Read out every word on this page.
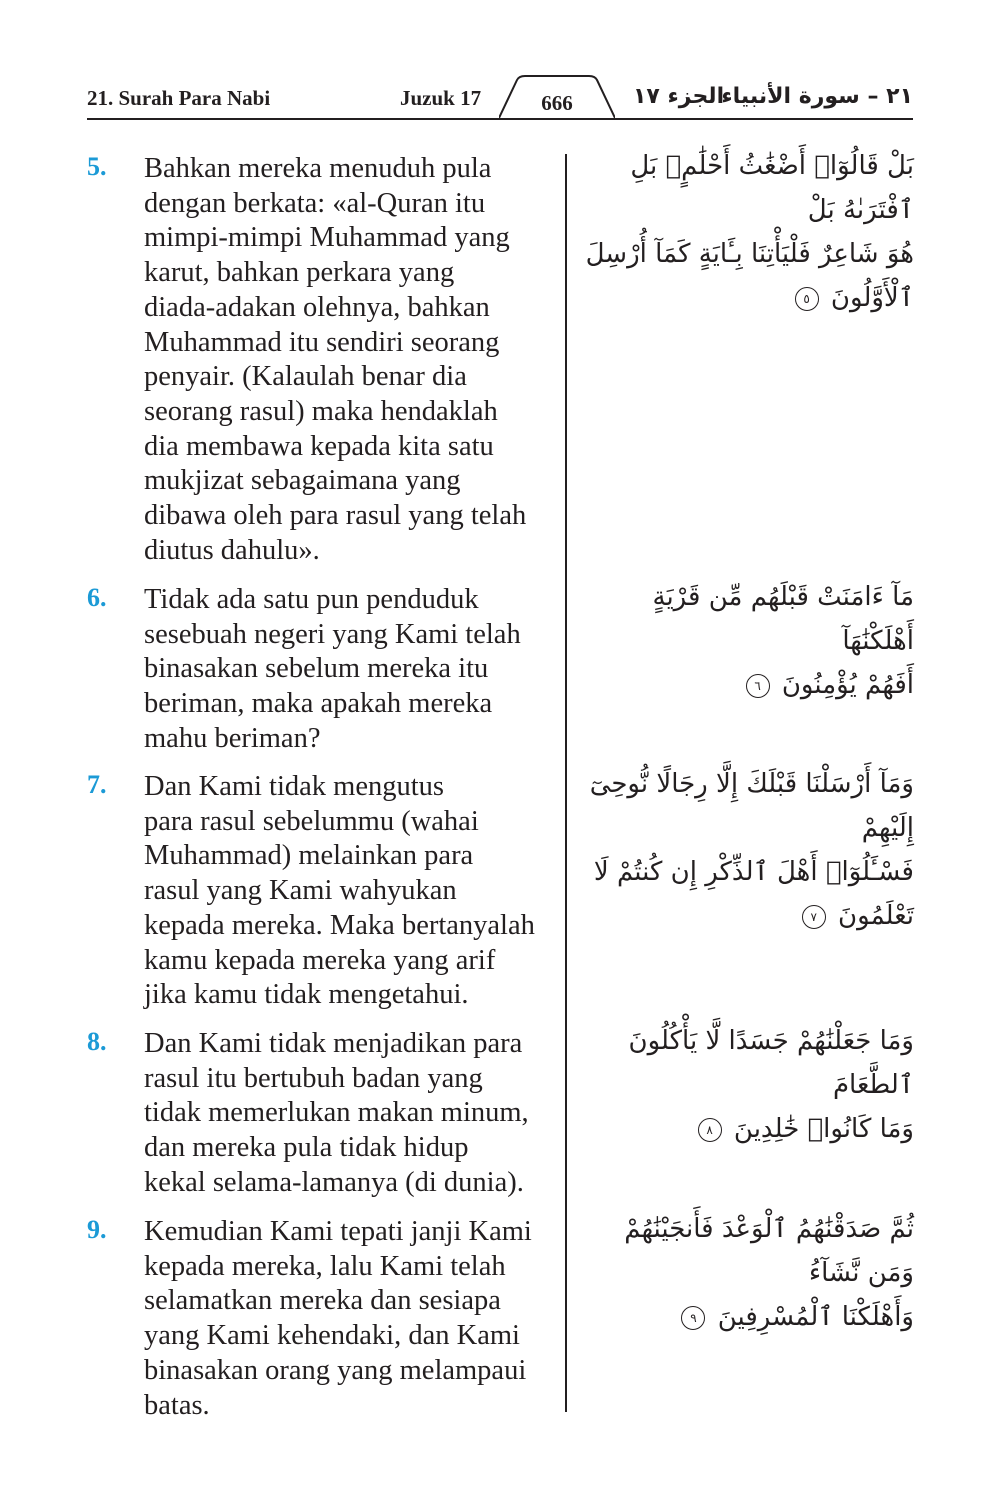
21. Surah Para Nabi	Juzuk 17	666	الجزء ١٧
٢١ – سورة الأنبياء
5. Bahkan mereka menuduh pula
dengan berkata: «al-Quran itu
mimpi-mimpi Muhammad yang
karut, bahkan perkara yang
diada-adakan olehnya, bahkan
Muhammad itu sendiri seorang
penyair. (Kalaulah benar dia
seorang rasul) maka hendaklah
dia membawa kepada kita satu
mukjizat sebagaimana yang
dibawa oleh para rasul yang telah
diutus dahulu».
بَلْ قَالُوٓا۟ أَضْغَٰثُ أَحْلَٰمٍۭ بَلِ ٱفْتَرَىٰهُ بَلْ
هُوَ شَاعِرٌ فَلْيَأْتِنَا بِـَٔايَةٍ كَمَآ أُرْسِلَ
ٱلْأَوَّلُونَ ٥
6. Tidak ada satu pun penduduk
sesebuah negeri yang Kami telah
binasakan sebelum mereka itu
beriman, maka apakah mereka
mahu beriman?
مَآ ءَامَنَتْ قَبْلَهُم مِّن قَرْيَةٍ أَهْلَكْنَٰهَآ
أَفَهُمْ يُؤْمِنُونَ ٦
7. Dan Kami tidak mengutus
para rasul sebelummu (wahai
Muhammad) melainkan para
rasul yang Kami wahyukan
kepada mereka. Maka bertanyalah
kamu kepada mereka yang arif
jika kamu tidak mengetahui.
وَمَآ أَرْسَلْنَا قَبْلَكَ إِلَّا رِجَالًا نُّوحِىٓ إِلَيْهِمْ
فَسْـَٔلُوٓا۟ أَهْلَ ٱلذِّكْرِ إِن كُنتُمْ لَا
تَعْلَمُونَ ٧
8. Dan Kami tidak menjadikan para
rasul itu bertubuh badan yang
tidak memerlukan makan minum,
dan mereka pula tidak hidup
kekal selama-lamanya (di dunia).
وَمَا جَعَلْنَٰهُمْ جَسَدًا لَّا يَأْكُلُونَ ٱلطَّعَامَ
وَمَا كَانُوا۟ خَٰلِدِينَ ٨
9. Kemudian Kami tepati janji Kami
kepada mereka, lalu Kami telah
selamatkan mereka dan sesiapa
yang Kami kehendaki, dan Kami
binasakan orang yang melampaui
batas.
ثُمَّ صَدَقْنَٰهُمُ ٱلْوَعْدَ فَأَنجَيْنَٰهُمْ وَمَن نَّشَآءُ
وَأَهْلَكْنَا ٱلْمُسْرِفِينَ ٩
